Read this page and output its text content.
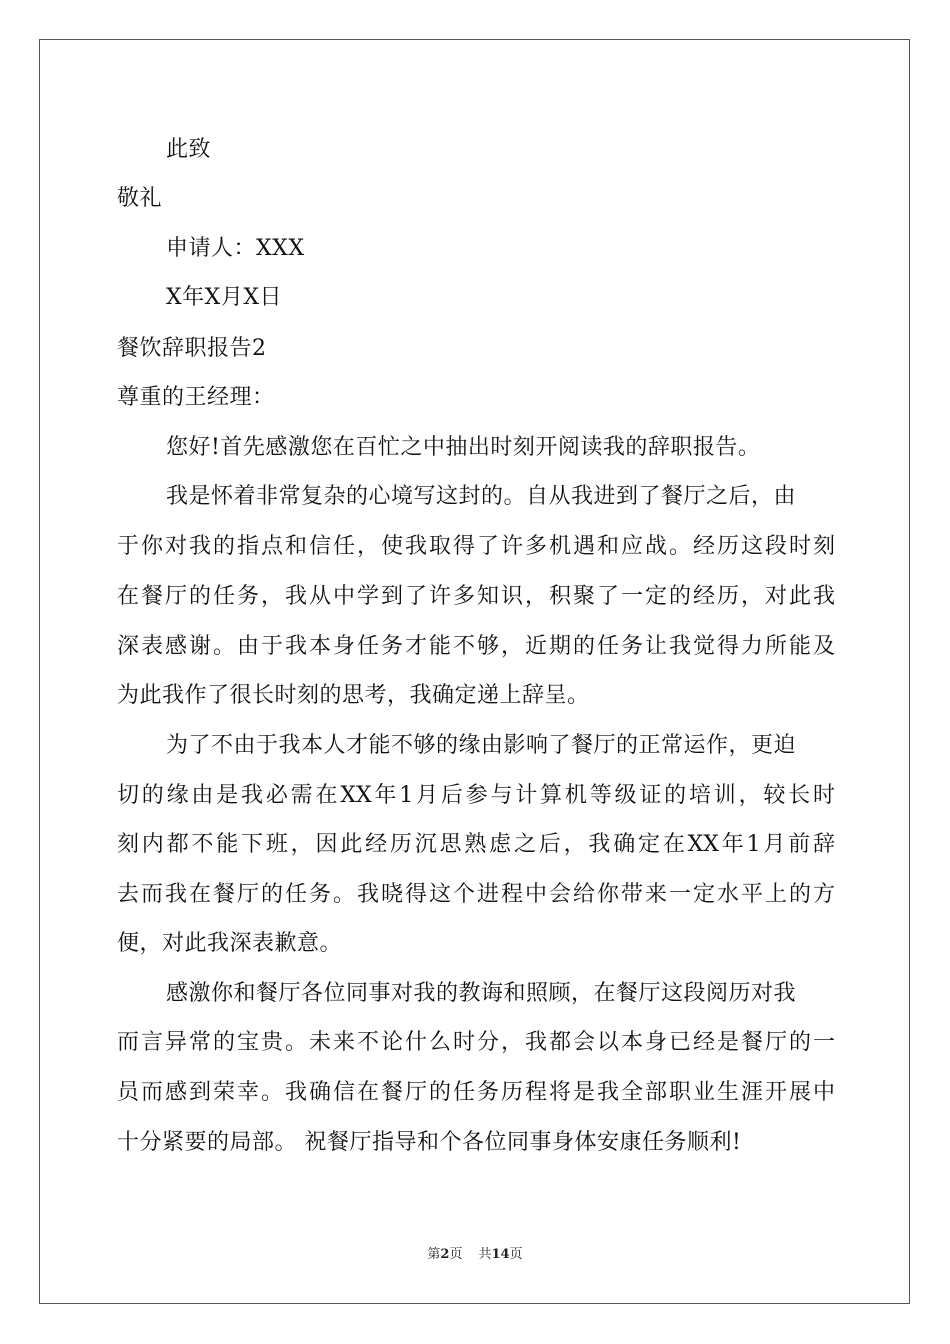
此致
敬礼
申请人：XXX
X年X月X日
餐饮辞职报告2
尊重的王经理：
您好!首先感激您在百忙之中抽出时刻开阅读我的辞职报告。
我是怀着非常复杂的心境写这封的。自从我进到了餐厅之后，由
于你对我的指点和信任，使我取得了许多机遇和应战。经历这段时刻
在餐厅的任务，我从中学到了许多知识，积聚了一定的经历，对此我
深表感谢。由于我本身任务才能不够，近期的任务让我觉得力所能及
为此我作了很长时刻的思考，我确定递上辞呈。
为了不由于我本人才能不够的缘由影响了餐厅的正常运作，更迫
切的缘由是我必需在XX年1月后参与计算机等级证的培训，较长时
刻内都不能下班，因此经历沉思熟虑之后，我确定在XX年1月前辞
去而我在餐厅的任务。我晓得这个进程中会给你带来一定水平上的方
便，对此我深表歉意。
感激你和餐厅各位同事对我的教诲和照顾，在餐厅这段阅历对我
而言异常的宝贵。未来不论什么时分，我都会以本身已经是餐厅的一
员而感到荣幸。我确信在餐厅的任务历程将是我全部职业生涯开展中
十分紧要的局部。 祝餐厅指导和个各位同事身体安康任务顺利!
第2页 共14页
